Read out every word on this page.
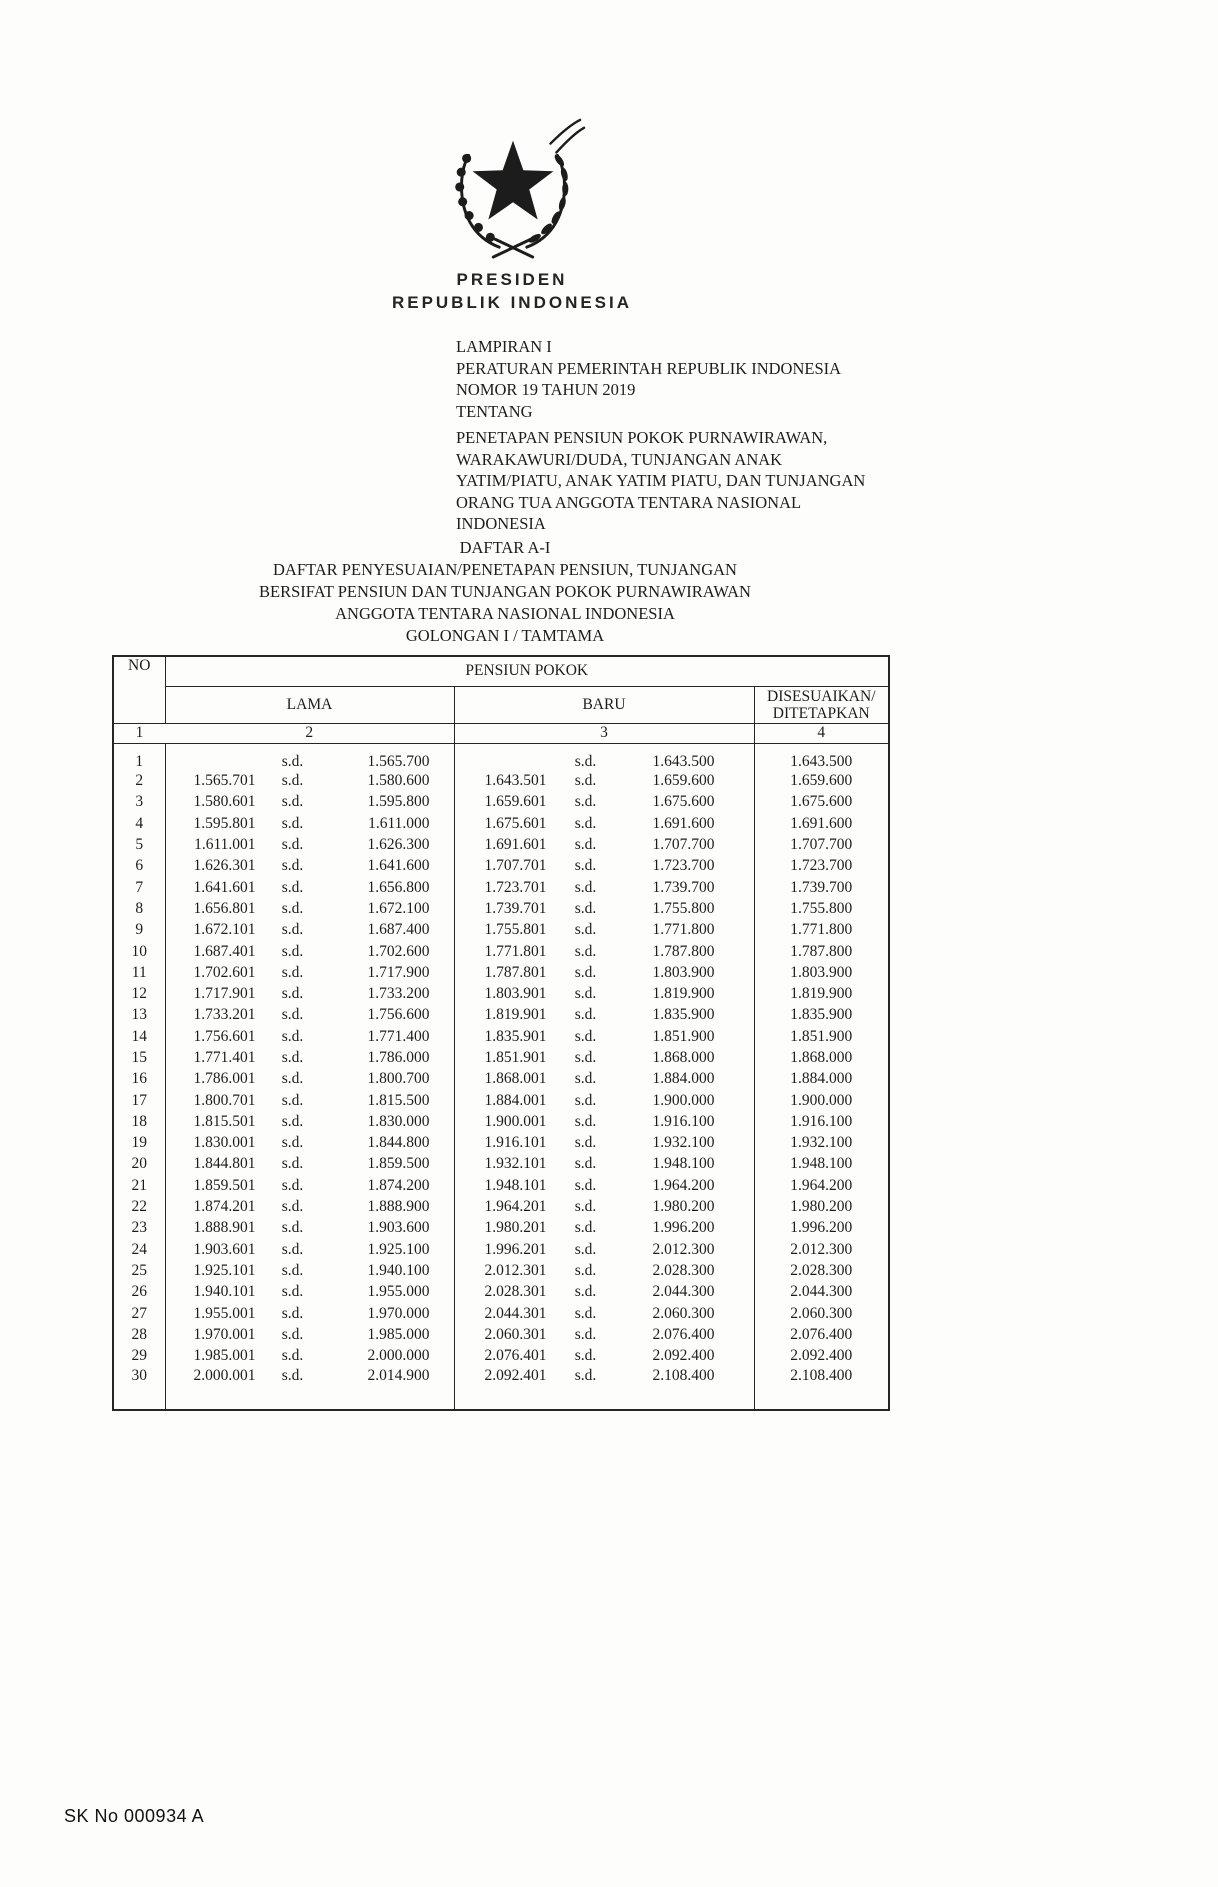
PRESIDEN
REPUBLIK INDONESIA
LAMPIRAN I
PERATURAN PEMERINTAH REPUBLIK INDONESIA
NOMOR 19 TAHUN 2019
TENTANG
PENETAPAN PENSIUN POKOK PURNAWIRAWAN,
WARAKAWURI/DUDA, TUNJANGAN ANAK
YATIM/PIATU, ANAK YATIM PIATU, DAN TUNJANGAN
ORANG TUA ANGGOTA TENTARA NASIONAL
INDONESIA
DAFTAR A-I
DAFTAR PENYESUAIAN/PENETAPAN PENSIUN, TUNJANGAN
BERSIFAT PENSIUN DAN TUNJANGAN POKOK PURNAWIRAWAN
ANGGOTA TENTARA NASIONAL INDONESIA
GOLONGAN I / TAMTAMA
NO	PENSIUN POKOK		
	LAMA	BARU	DISESUAIKAN/
DITETAPKAN

1	2	3	4
1	s.d. 1.565.700	s.d. 1.643.500	1.643.500
2	1.565.701 s.d. 1.580.600	1.643.501 s.d. 1.659.600	1.659.600
3	1.580.601 s.d. 1.595.800	1.659.601 s.d. 1.675.600	1.675.600
4	1.595.801 s.d. 1.611.000	1.675.601 s.d. 1.691.600	1.691.600
5	1.611.001 s.d. 1.626.300	1.691.601 s.d. 1.707.700	1.707.700
6	1.626.301 s.d. 1.641.600	1.707.701 s.d. 1.723.700	1.723.700
7	1.641.601 s.d. 1.656.800	1.723.701 s.d. 1.739.700	1.739.700
8	1.656.801 s.d. 1.672.100	1.739.701 s.d. 1.755.800	1.755.800
9	1.672.101 s.d. 1.687.400	1.755.801 s.d. 1.771.800	1.771.800
10	1.687.401 s.d. 1.702.600	1.771.801 s.d. 1.787.800	1.787.800
11	1.702.601 s.d. 1.717.900	1.787.801 s.d. 1.803.900	1.803.900
12	1.717.901 s.d. 1.733.200	1.803.901 s.d. 1.819.900	1.819.900
13	1.733.201 s.d. 1.756.600	1.819.901 s.d. 1.835.900	1.835.900
14	1.756.601 s.d. 1.771.400	1.835.901 s.d. 1.851.900	1.851.900
15	1.771.401 s.d. 1.786.000	1.851.901 s.d. 1.868.000	1.868.000
16	1.786.001 s.d. 1.800.700	1.868.001 s.d. 1.884.000	1.884.000
17	1.800.701 s.d. 1.815.500	1.884.001 s.d. 1.900.000	1.900.000
18	1.815.501 s.d. 1.830.000	1.900.001 s.d. 1.916.100	1.916.100
19	1.830.001 s.d. 1.844.800	1.916.101 s.d. 1.932.100	1.932.100
20	1.844.801 s.d. 1.859.500	1.932.101 s.d. 1.948.100	1.948.100
21	1.859.501 s.d. 1.874.200	1.948.101 s.d. 1.964.200	1.964.200
22	1.874.201 s.d. 1.888.900	1.964.201 s.d. 1.980.200	1.980.200
23	1.888.901 s.d. 1.903.600	1.980.201 s.d. 1.996.200	1.996.200
24	1.903.601 s.d. 1.925.100	1.996.201 s.d. 2.012.300	2.012.300
25	1.925.101 s.d. 1.940.100	2.012.301 s.d. 2.028.300	2.028.300
26	1.940.101 s.d. 1.955.000	2.028.301 s.d. 2.044.300	2.044.300
27	1.955.001 s.d. 1.970.000	2.044.301 s.d. 2.060.300	2.060.300
28	1.970.001 s.d. 1.985.000	2.060.301 s.d. 2.076.400	2.076.400
29	1.985.001 s.d. 2.000.000	2.076.401 s.d. 2.092.400	2.092.400
30	2.000.001 s.d. 2.014.900	2.092.401 s.d. 2.108.400	2.108.400
SK No 000934 A
